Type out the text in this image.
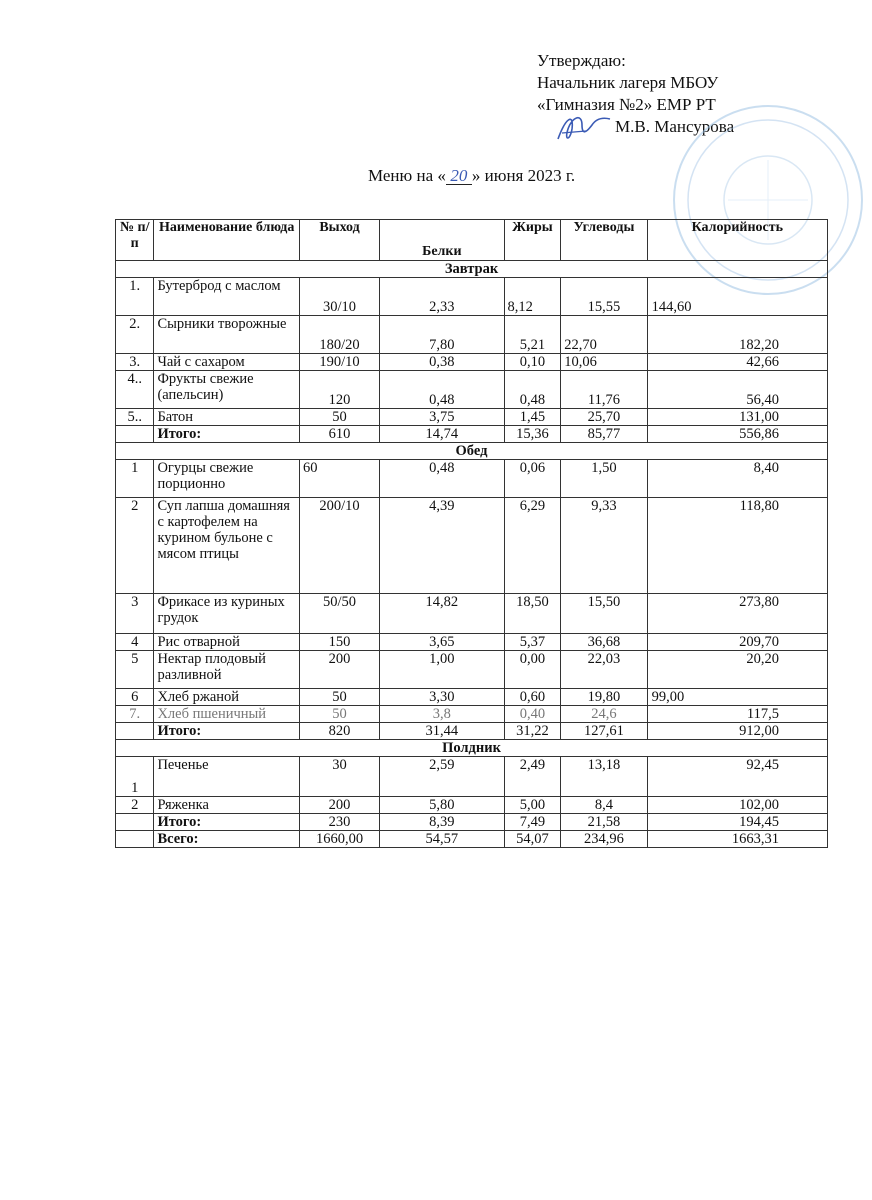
Утверждаю:
Начальник лагеря МБОУ
«Гимназия №2» ЕМР РТ
М.В. Мансурова
Меню на « 20 » июня 2023 г.
№ п/п	Наименование блюда	Выход	Белки	Жиры	Углеводы	Калорийность
Завтрак						
1.	Бутерброд с маслом	30/10	2,33	8,12	15,55	144,60
2.	Сырники творожные	180/20	7,80	5,21	22,70	182,20
3.	Чай с сахаром	190/10	0,38	0,10	10,06	42,66
4..	Фрукты свежие (апельсин)	120	0,48	0,48	11,76	56,40
5..	Батон	50	3,75	1,45	25,70	131,00
	Итого:	610	14,74	15,36	85,77	556,86
Обед						
1	Огурцы свежие порционно	60	0,48	0,06	1,50	8,40
2	Суп лапша домашняя с картофелем на курином бульоне с мясом птицы	200/10	4,39	6,29	9,33	118,80
3	Фрикасе из куриных грудок	50/50	14,82	18,50	15,50	273,80
4	Рис отварной	150	3,65	5,37	36,68	209,70
5	Нектар плодовый разливной	200	1,00	0,00	22,03	20,20
6	Хлеб ржаной	50	3,30	0,60	19,80	99,00
7.	Хлеб пшеничный	50	3,8	0,40	24,6	117,5
	Итого:	820	31,44	31,22	127,61	912,00
Полдник						
1	Печенье	30	2,59	2,49	13,18	92,45
2	Ряженка	200	5,80	5,00	8,4	102,00
	Итого:	230	8,39	7,49	21,58	194,45
	Всего:	1660,00	54,57	54,07	234,96	1663,31
